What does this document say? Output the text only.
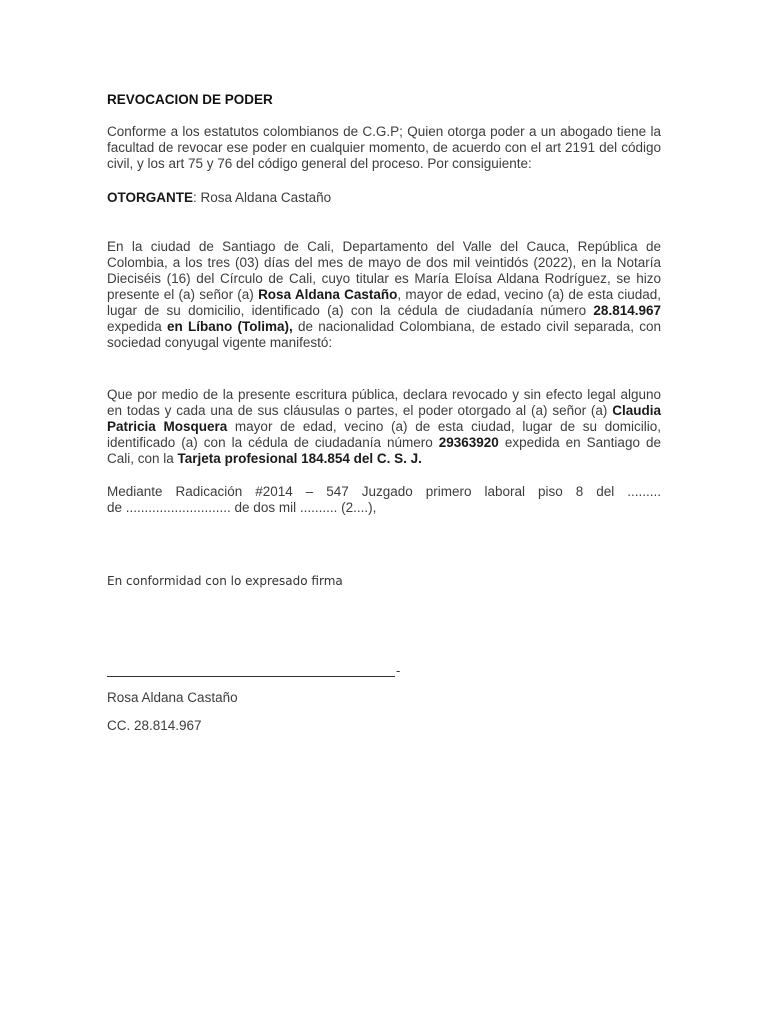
REVOCACION DE PODER
Conforme a los estatutos colombianos de C.G.P; Quien otorga poder a un abogado tiene la facultad de revocar ese poder en cualquier momento, de acuerdo con el art 2191 del código civil, y los art 75 y 76 del código general del proceso. Por consiguiente:
OTORGANTE: Rosa Aldana Castaño
En la ciudad de Santiago de Cali, Departamento del Valle del Cauca, República de Colombia, a los tres (03) días del mes de mayo de dos mil veintidós (2022), en la Notaría Dieciséis (16) del Círculo de Cali, cuyo titular es María Eloísa Aldana Rodríguez, se hizo presente el (a) señor (a) Rosa Aldana Castaño, mayor de edad, vecino (a) de esta ciudad, lugar de su domicilio, identificado (a) con la cédula de ciudadanía número 28.814.967 expedida en Líbano (Tolima), de nacionalidad Colombiana, de estado civil separada, con sociedad conyugal vigente manifestó:
Que por medio de la presente escritura pública, declara revocado y sin efecto legal alguno en todas y cada una de sus cláusulas o partes, el poder otorgado al (a) señor (a) Claudia Patricia Mosquera mayor de edad, vecino (a) de esta ciudad, lugar de su domicilio, identificado (a) con la cédula de ciudadanía número 29363920 expedida en Santiago de Cali, con la Tarjeta profesional 184.854 del C. S. J.
Mediante Radicación #2014 – 547 Juzgado primero laboral piso 8 del .........
de ............................ de dos mil .......... (2....),
En conformidad con lo expresado firma
-
Rosa Aldana Castaño
CC. 28.814.967
